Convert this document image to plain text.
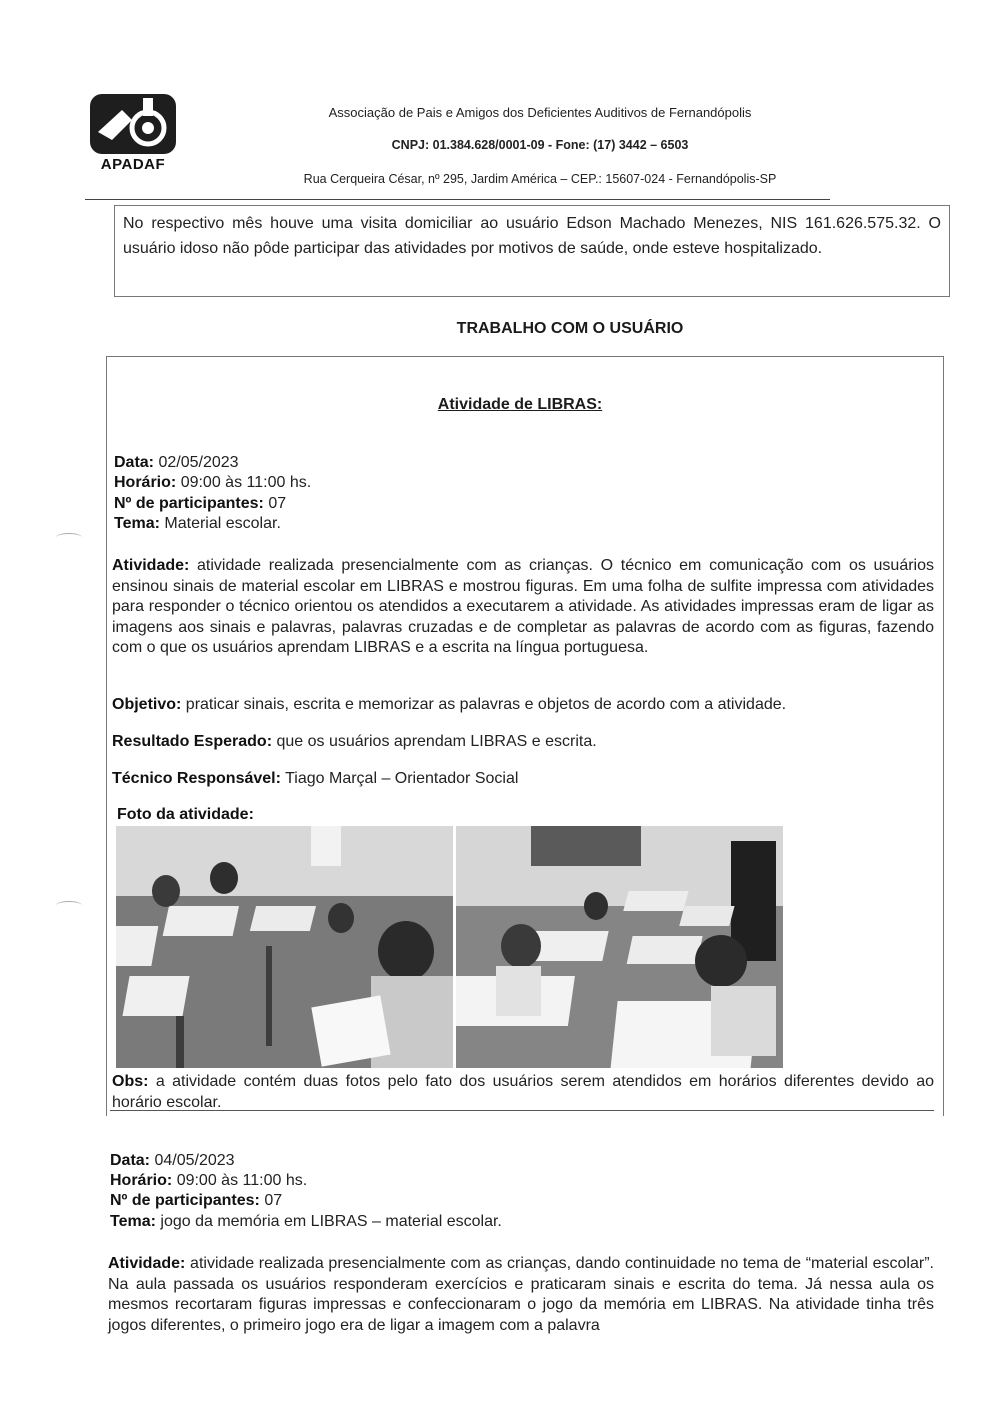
APADAF
Associação de Pais e Amigos dos Deficientes Auditivos de Fernandópolis
CNPJ: 01.384.628/0001-09 - Fone: (17) 3442 – 6503
Rua Cerqueira César, nº 295, Jardim América – CEP.: 15607-024 - Fernandópolis-SP
No respectivo mês houve uma visita domiciliar ao usuário Edson Machado Menezes, NIS 161.626.575.32. O usuário idoso não pôde participar das atividades por motivos de saúde, onde esteve hospitalizado.
TRABALHO COM O USUÁRIO
Atividade de LIBRAS:
Data: 02/05/2023
Horário: 09:00 às 11:00 hs.
Nº de participantes: 07
Tema: Material escolar.
Atividade: atividade realizada presencialmente com as crianças. O técnico em comunicação com os usuários ensinou sinais de material escolar em LIBRAS e mostrou figuras. Em uma folha de sulfite impressa com atividades para responder o técnico orientou os atendidos a executarem a atividade. As atividades impressas eram de ligar as imagens aos sinais e palavras, palavras cruzadas e de completar as palavras de acordo com as figuras, fazendo com o que os usuários aprendam LIBRAS e a escrita na língua portuguesa.
Objetivo: praticar sinais, escrita e memorizar as palavras e objetos de acordo com a atividade.
Resultado Esperado: que os usuários aprendam LIBRAS e escrita.
Técnico Responsável: Tiago Marçal – Orientador Social
Foto da atividade:
Obs: a atividade contém duas fotos pelo fato dos usuários serem atendidos em horários diferentes devido ao horário escolar.
Data: 04/05/2023
Horário: 09:00 às 11:00 hs.
Nº de participantes: 07
Tema: jogo da memória em LIBRAS – material escolar.
Atividade: atividade realizada presencialmente com as crianças, dando continuidade no tema de “material escolar”. Na aula passada os usuários responderam exercícios e praticaram sinais e escrita do tema. Já nessa aula os mesmos recortaram figuras impressas e confeccionaram o jogo da memória em LIBRAS. Na atividade tinha três jogos diferentes, o primeiro jogo era de ligar a imagem com a palavra
